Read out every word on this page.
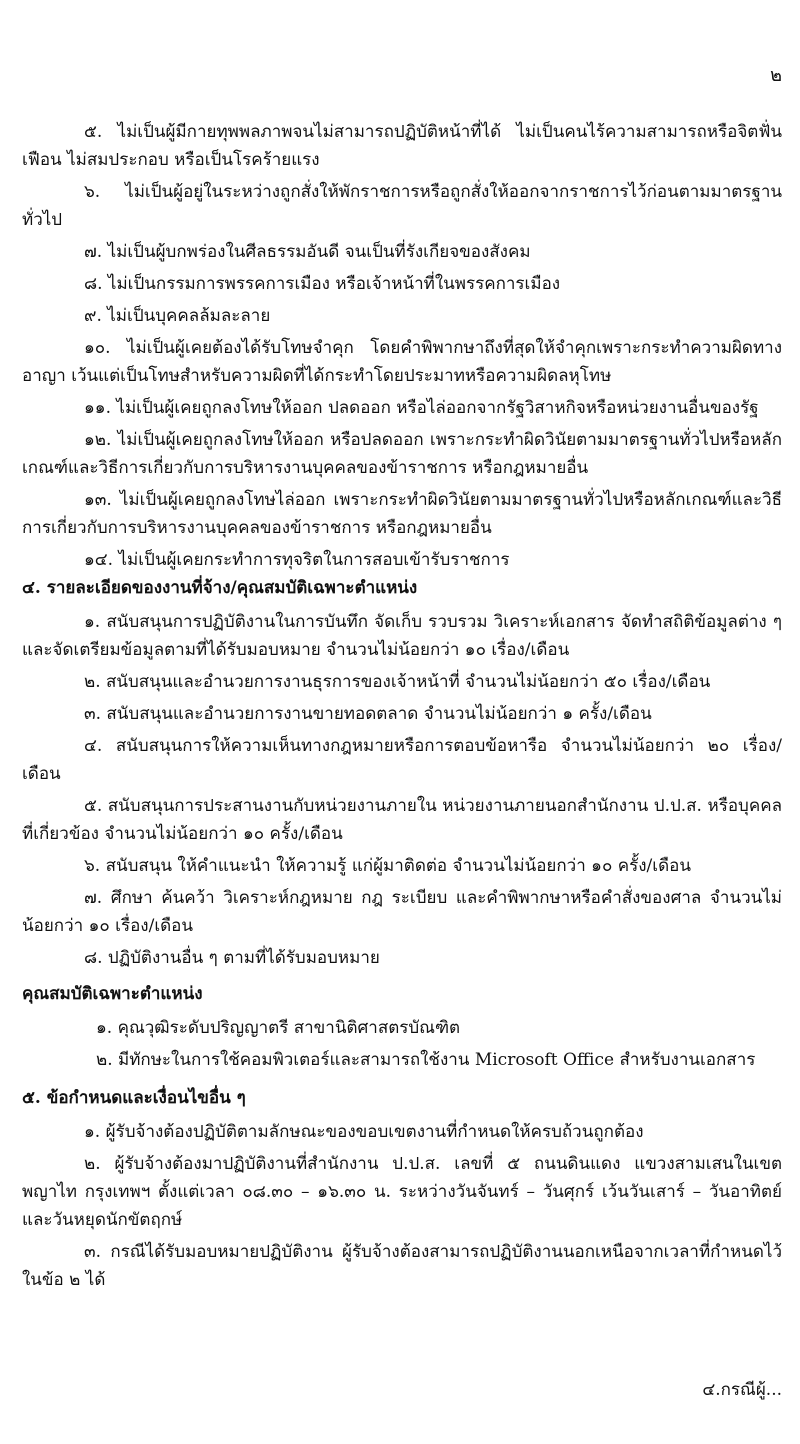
๒

๕. ไม่เป็นผู้มีกายทุพพลภาพจนไม่สามารถปฏิบัติหน้าที่ได้ ไม่เป็นคนไร้ความสามารถหรือจิตฟั่นเฟือน ไม่สมประกอบ หรือเป็นโรคร้ายแรง

๖. ไม่เป็นผู้อยู่ในระหว่างถูกสั่งให้พักราชการหรือถูกสั่งให้ออกจากราชการไว้ก่อนตามมาตรฐานทั่วไป

๗. ไม่เป็นผู้บกพร่องในศีลธรรมอันดี จนเป็นที่รังเกียจของสังคม

๘. ไม่เป็นกรรมการพรรคการเมือง หรือเจ้าหน้าที่ในพรรคการเมือง

๙. ไม่เป็นบุคคลล้มละลาย

๑๐. ไม่เป็นผู้เคยต้องได้รับโทษจำคุก โดยคำพิพากษาถึงที่สุดให้จำคุกเพราะกระทำความผิดทางอาญา เว้นแต่เป็นโทษสำหรับความผิดที่ได้กระทำโดยประมาทหรือความผิดลหุโทษ

๑๑. ไม่เป็นผู้เคยถูกลงโทษให้ออก ปลดออก หรือไล่ออกจากรัฐวิสาหกิจหรือหน่วยงานอื่นของรัฐ

๑๒. ไม่เป็นผู้เคยถูกลงโทษให้ออก หรือปลดออก เพราะกระทำผิดวินัยตามมาตรฐานทั่วไปหรือหลักเกณฑ์และวิธีการเกี่ยวกับการบริหารงานบุคคลของข้าราชการ หรือกฎหมายอื่น

๑๓. ไม่เป็นผู้เคยถูกลงโทษไล่ออก เพราะกระทำผิดวินัยตามมาตรฐานทั่วไปหรือหลักเกณฑ์และวิธีการเกี่ยวกับการบริหารงานบุคคลของข้าราชการ หรือกฎหมายอื่น

๑๔. ไม่เป็นผู้เคยกระทำการทุจริตในการสอบเข้ารับราชการ

๔. รายละเอียดของงานที่จ้าง/คุณสมบัติเฉพาะตำแหน่ง

๑. สนับสนุนการปฏิบัติงานในการบันทึก จัดเก็บ รวบรวม วิเคราะห์เอกสาร จัดทำสถิติข้อมูลต่าง ๆ และจัดเตรียมข้อมูลตามที่ได้รับมอบหมาย จำนวนไม่น้อยกว่า ๑๐ เรื่อง/เดือน

๒. สนับสนุนและอำนวยการงานธุรการของเจ้าหน้าที่ จำนวนไม่น้อยกว่า ๕๐ เรื่อง/เดือน

๓. สนับสนุนและอำนวยการงานขายทอดตลาด จำนวนไม่น้อยกว่า ๑ ครั้ง/เดือน

๔. สนับสนุนการให้ความเห็นทางกฎหมายหรือการตอบข้อหารือ จำนวนไม่น้อยกว่า ๒๐ เรื่อง/เดือน

๕. สนับสนุนการประสานงานกับหน่วยงานภายใน หน่วยงานภายนอกสำนักงาน ป.ป.ส. หรือบุคคลที่เกี่ยวข้อง จำนวนไม่น้อยกว่า ๑๐ ครั้ง/เดือน

๖. สนับสนุน ให้คำแนะนำ ให้ความรู้ แก่ผู้มาติดต่อ จำนวนไม่น้อยกว่า ๑๐ ครั้ง/เดือน

๗. ศึกษา ค้นคว้า วิเคราะห์กฎหมาย กฎ ระเบียบ และคำพิพากษาหรือคำสั่งของศาล จำนวนไม่น้อยกว่า ๑๐ เรื่อง/เดือน

๘. ปฏิบัติงานอื่น ๆ ตามที่ได้รับมอบหมาย

คุณสมบัติเฉพาะตำแหน่ง

๑. คุณวุฒิระดับปริญญาตรี สาขานิติศาสตรบัณฑิต

๒. มีทักษะในการใช้คอมพิวเตอร์และสามารถใช้งาน Microsoft Office สำหรับงานเอกสาร

๕. ข้อกำหนดและเงื่อนไขอื่น ๆ

๑. ผู้รับจ้างต้องปฏิบัติตามลักษณะของขอบเขตงานที่กำหนดให้ครบถ้วนถูกต้อง

๒. ผู้รับจ้างต้องมาปฏิบัติงานที่สำนักงาน ป.ป.ส. เลขที่ ๕ ถนนดินแดง แขวงสามเสนในเขตพญาไท กรุงเทพฯ ตั้งแต่เวลา ๐๘.๓๐ – ๑๖.๓๐ น. ระหว่างวันจันทร์ – วันศุกร์ เว้นวันเสาร์ – วันอาทิตย์ และวันหยุดนักขัตฤกษ์

๓. กรณีได้รับมอบหมายปฏิบัติงาน ผู้รับจ้างต้องสามารถปฏิบัติงานนอกเหนือจากเวลาที่กำหนดไว้ในข้อ ๒ ได้

๔.กรณีผู้...
